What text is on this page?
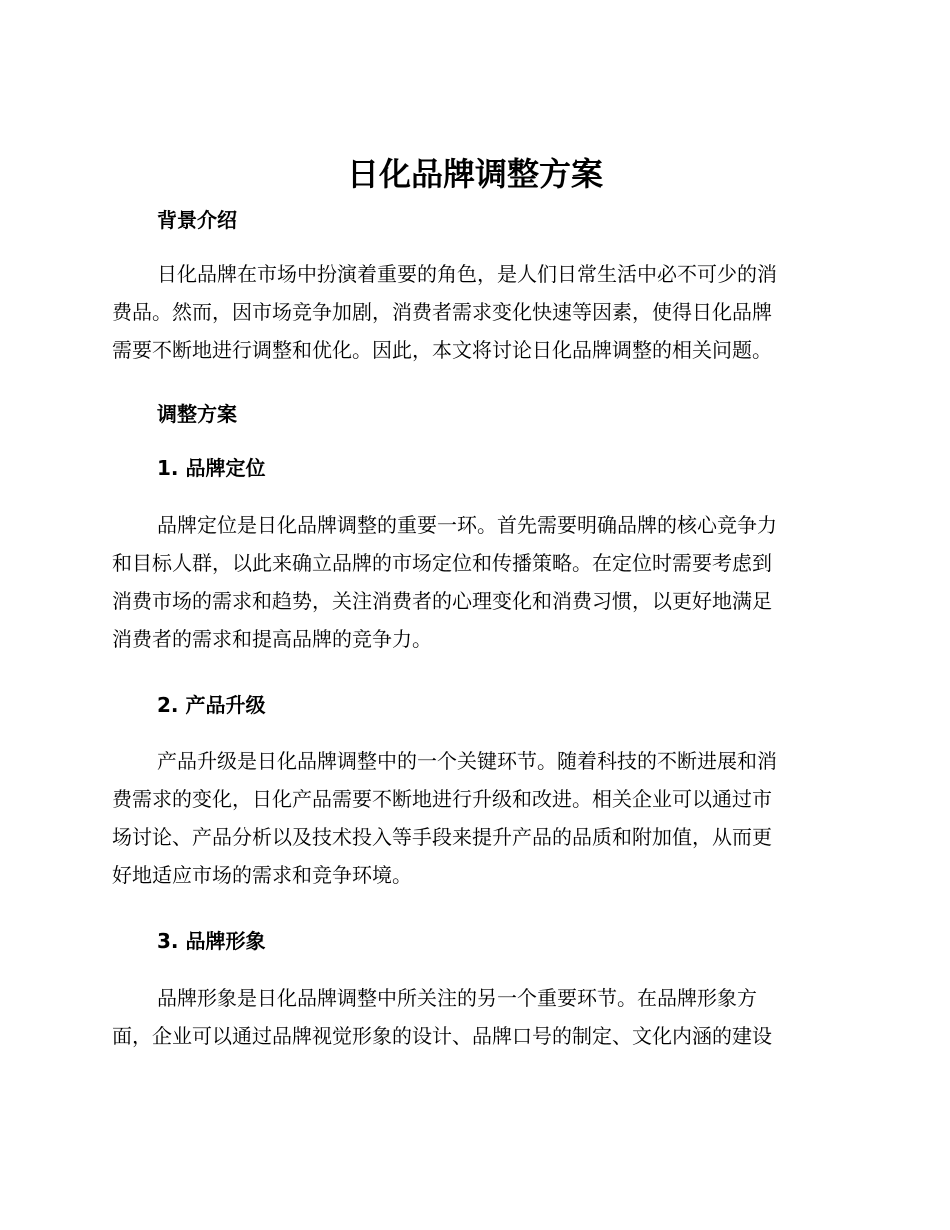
日化品牌调整方案
背景介绍
日化品牌在市场中扮演着重要的角色，是人们日常生活中必不可少的消
费品。然而，因市场竞争加剧，消费者需求变化快速等因素，使得日化品牌
需要不断地进行调整和优化。因此，本文将讨论日化品牌调整的相关问题。
调整方案
1. 品牌定位
品牌定位是日化品牌调整的重要一环。首先需要明确品牌的核心竞争力
和目标人群，以此来确立品牌的市场定位和传播策略。在定位时需要考虑到
消费市场的需求和趋势，关注消费者的心理变化和消费习惯，以更好地满足
消费者的需求和提高品牌的竞争力。
2. 产品升级
产品升级是日化品牌调整中的一个关键环节。随着科技的不断进展和消
费需求的变化，日化产品需要不断地进行升级和改进。相关企业可以通过市
场讨论、产品分析以及技术投入等手段来提升产品的品质和附加值，从而更
好地适应市场的需求和竞争环境。
3. 品牌形象
品牌形象是日化品牌调整中所关注的另一个重要环节。在品牌形象方
面，企业可以通过品牌视觉形象的设计、品牌口号的制定、文化内涵的建设
